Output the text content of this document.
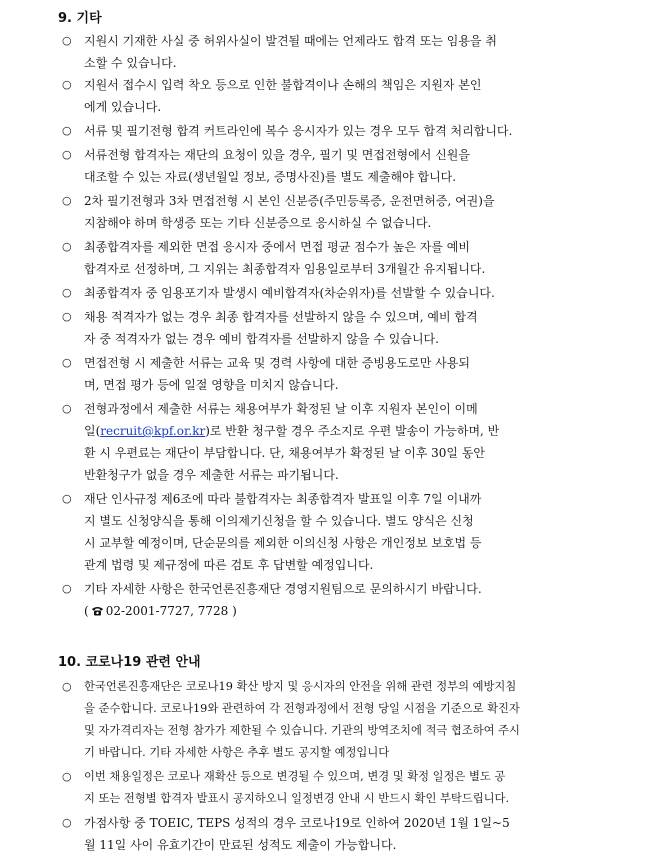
9. 기타
○ 지원시 기재한 사실 중 허위사실이 발견될 때에는 언제라도 합격 또는 임용을 취
소할 수 있습니다.
○ 지원서 접수시 입력 착오 등으로 인한 불합격이나 손해의 책임은 지원자 본인
에게 있습니다.
○ 서류 및 필기전형 합격 커트라인에 복수 응시자가 있는 경우 모두 합격 처리합니다.
○ 서류전형 합격자는 재단의 요청이 있을 경우, 필기 및 면접전형에서 신원을
대조할 수 있는 자료(생년월일 정보, 증명사진)를 별도 제출해야 합니다.
○ 2차 필기전형과 3차 면접전형 시 본인 신분증(주민등록증, 운전면허증, 여권)을
지참해야 하며 학생증 또는 기타 신분증으로 응시하실 수 없습니다.
○ 최종합격자를 제외한 면접 응시자 중에서 면접 평균 점수가 높은 자를 예비
합격자로 선정하며, 그 지위는 최종합격자 임용일로부터 3개월간 유지됩니다.
○ 최종합격자 중 임용포기자 발생시 예비합격자(차순위자)를 선발할 수 있습니다.
○ 채용 적격자가 없는 경우 최종 합격자를 선발하지 않을 수 있으며, 예비 합격
자 중 적격자가 없는 경우 예비 합격자를 선발하지 않을 수 있습니다.
○ 면접전형 시 제출한 서류는 교육 및 경력 사항에 대한 증빙용도로만 사용되
며, 면접 평가 등에 일절 영향을 미치지 않습니다.
○ 전형과정에서 제출한 서류는 채용여부가 확정된 날 이후 지원자 본인이 이메
일(recruit@kpf.or.kr)로 반환 청구할 경우 주소지로 우편 발송이 가능하며, 반
환 시 우편료는 재단이 부담합니다. 단, 채용여부가 확정된 날 이후 30일 동안
반환청구가 없을 경우 제출한 서류는 파기됩니다.
○ 재단 인사규정 제6조에 따라 불합격자는 최종합격자 발표일 이후 7일 이내까
지 별도 신청양식을 통해 이의제기신청을 할 수 있습니다. 별도 양식은 신청
시 교부할 예정이며, 단순문의를 제외한 이의신청 사항은 개인정보 보호법 등
관계 법령 및 제규정에 따른 검토 후 답변할 예정입니다.
○ 기타 자세한 사항은 한국언론진흥재단 경영지원팀으로 문의하시기 바랍니다.
( 02-2001-7727, 7728 )
10. 코로나19 관련 안내
○ 한국언론진흥재단은 코로나19 확산 방지 및 응시자의 안전을 위해 관련 정부의 예방지침
을 준수합니다. 코로나19와 관련하여 각 전형과정에서 전형 당일 시점을 기준으로 확진자
및 자가격리자는 전형 참가가 제한될 수 있습니다. 기관의 방역조치에 적극 협조하여 주시
기 바랍니다. 기타 자세한 사항은 추후 별도 공지할 예정입니다
○ 이번 채용일정은 코로나 재확산 등으로 변경될 수 있으며, 변경 및 확정 일정은 별도 공
지 또는 전형별 합격자 발표시 공지하오니 일정변경 안내 시 반드시 확인 부탁드립니다.
○ 가점사항 중 TOEIC, TEPS 성적의 경우 코로나19로 인하여 2020년 1월 1일~5
월 11일 사이 유효기간이 만료된 성적도 제출이 가능합니다.
